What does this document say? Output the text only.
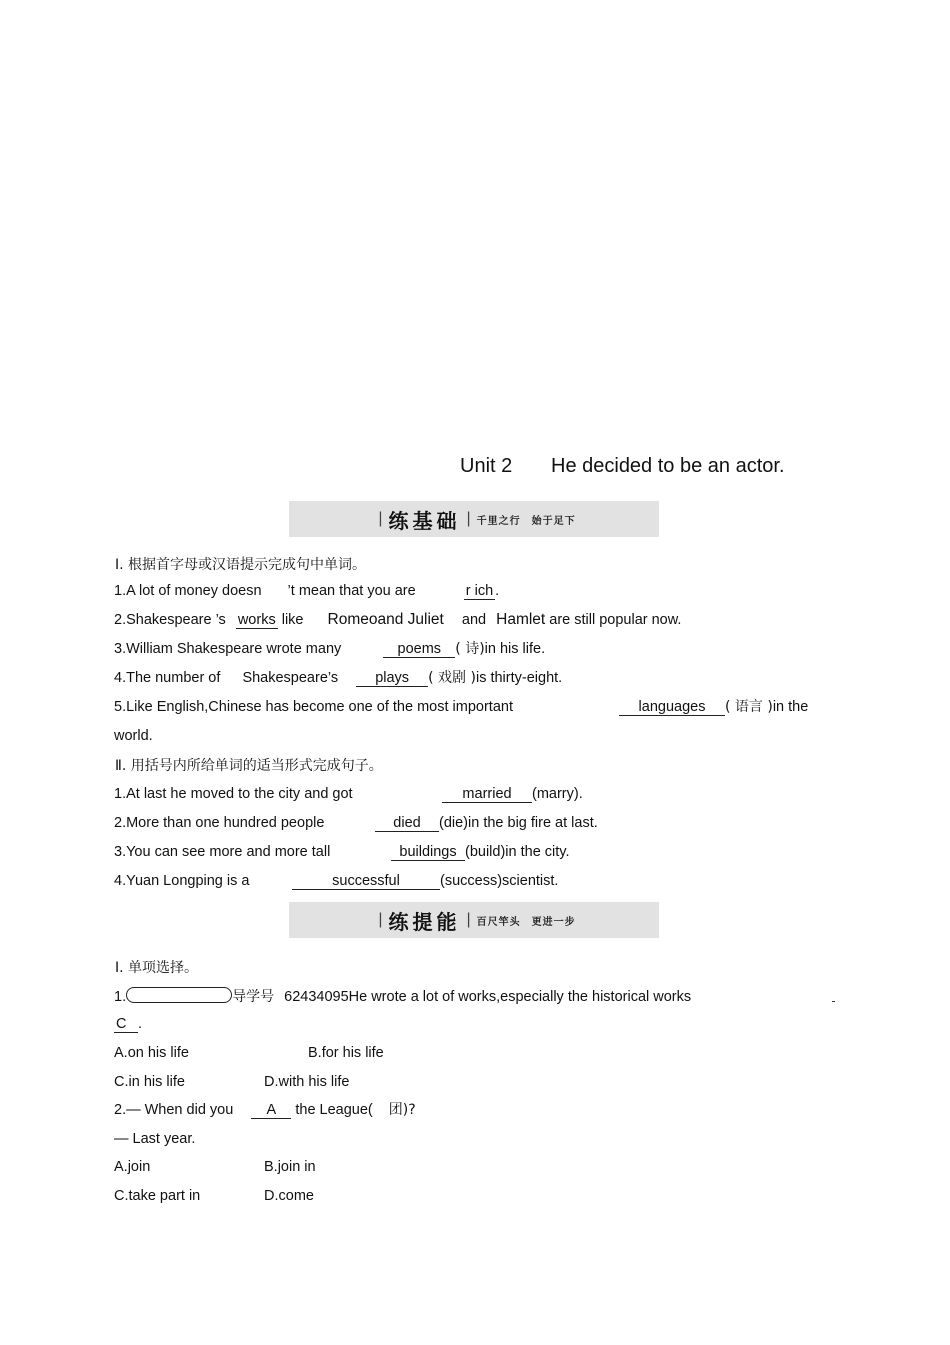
Unit 2 He decided to be an actor.
| 练基础 | 千里之行　始于足下
Ⅰ. 根据首字母或汉语提示完成句中单词。
1.A lot of money doesn ’t mean that you are	r ich .
2.Shakespeare ’s works like Romeoand Juliet and Hamlet are still popular now.
3.William Shakespeare wrote many	poems ( 诗)in his life.
4.The number of Shakespeare’s	plays ( 戏剧 )is thirty-eight.
5.Like English,Chinese has become one of the most important	languages ( 语言 )in the
world.
Ⅱ. 用括号内所给单词的适当形式完成句子。
1.At last he moved to the city and got	married (marry).
2.More than one hundred people	died (die)in the big fire at last.
3.You can see more and more tall	buildings (build)in the city.
4.Yuan Longping is a	successful	(success)scientist.
| 练提能 | 百尺竿头　更进一步
Ⅰ. 单项选择。
1.	导学号 62434095He wrote a lot of works,especially the historical works
C .
A.on his life	B.for his life
C.in his life	D.with his life
2.— When did you A the League( 团)?
— Last year.
A.join	B.join in
C.take part in	D.come
